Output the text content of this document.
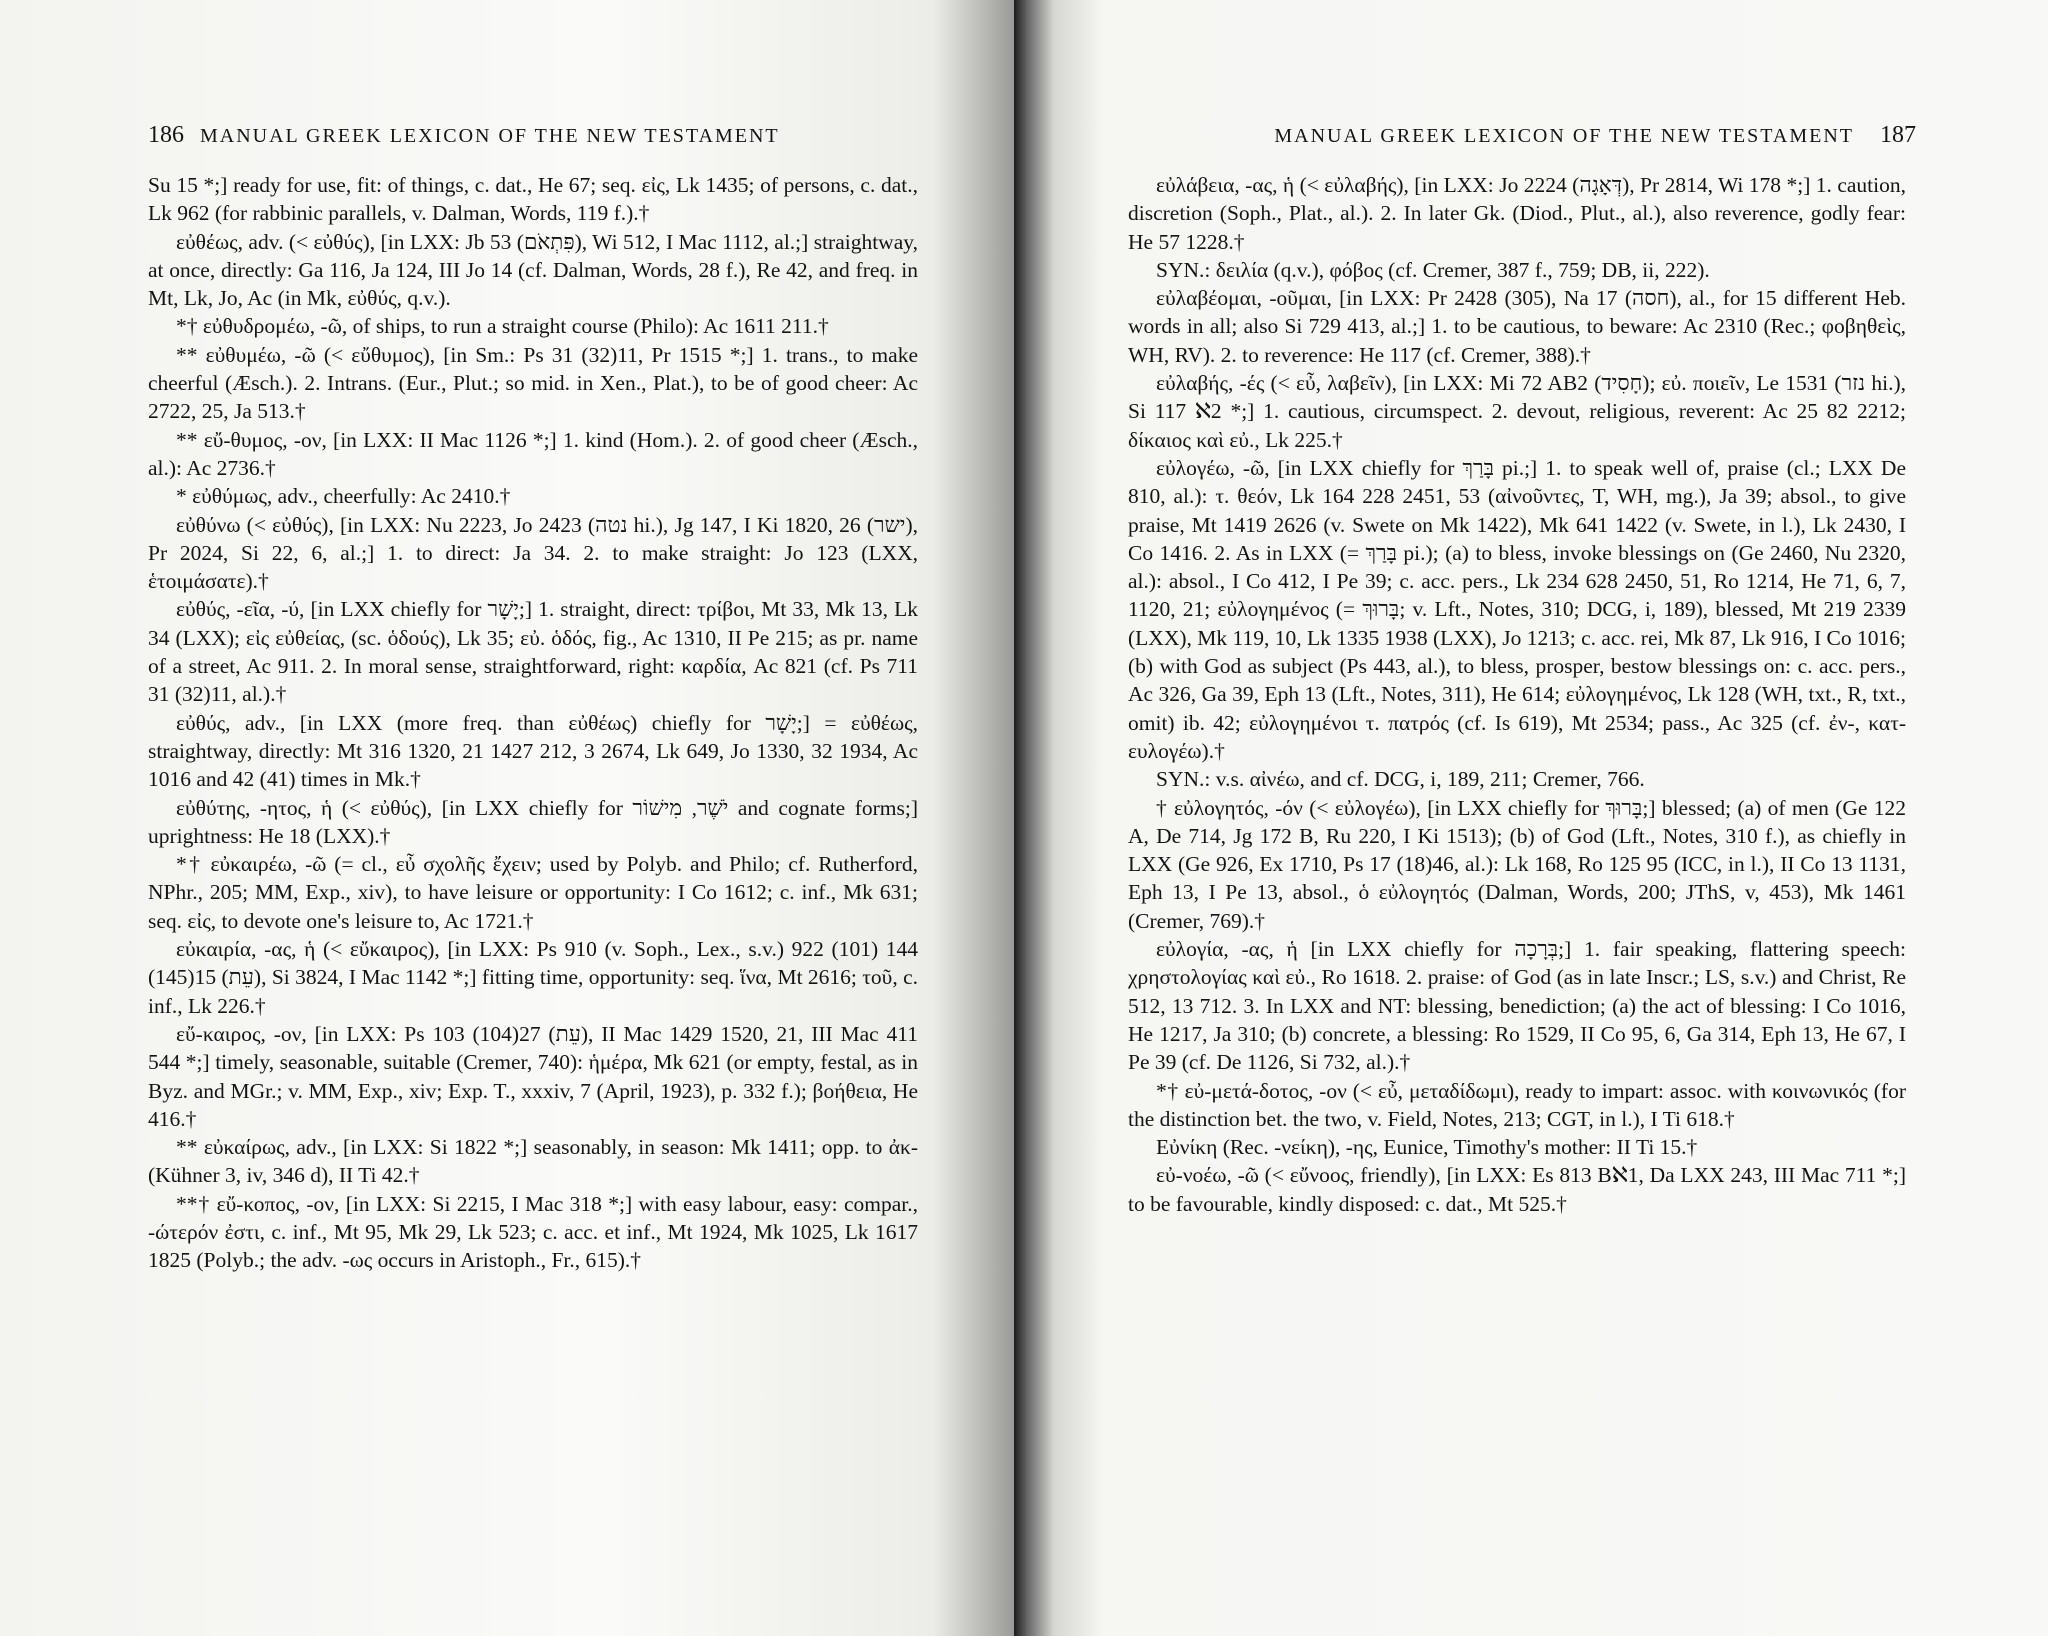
186 MANUAL GREEK LEXICON OF THE NEW TESTAMENT

Su 15 *;] ready for use, fit: of things, c. dat., He 67; seq. εἰς, Lk 1435; of persons, c. dat., Lk 962 (for rabbinic parallels, v. Dalman, Words, 119 f.).†

εὐθέως, adv. (< εὐθύς), [in LXX: Jb 53 (פִּתְאֹם), Wi 512, I Mac 1112, al.;] straightway, at once, directly: Ga 116, Ja 124, III Jo 14 (cf. Dalman, Words, 28 f.), Re 42, and freq. in Mt, Lk, Jo, Ac (in Mk, εὐθύς, q.v.).

*† εὐθυδρομέω, -ῶ, of ships, to run a straight course (Philo): Ac 1611 211.†

** εὐθυμέω, -ῶ (< εὔθυμος), [in Sm.: Ps 31 (32)11, Pr 1515 *;] 1. trans., to make cheerful (Æsch.). 2. Intrans. (Eur., Plut.; so mid. in Xen., Plat.), to be of good cheer: Ac 2722, 25, Ja 513.†

** εὔ-θυμος, -ον, [in LXX: II Mac 1126 *;] 1. kind (Hom.). 2. of good cheer (Æsch., al.): Ac 2736.†

* εὐθύμως, adv., cheerfully: Ac 2410.†

εὐθύνω (< εὐθύς), [in LXX: Nu 2223, Jo 2423 (נטה hi.), Jg 147, I Ki 1820, 26 (ישר), Pr 2024, Si 22, 6, al.;] 1. to direct: Ja 34. 2. to make straight: Jo 123 (LXX, ἑτοιμάσατε).†

εὐθύς, -εῖα, -ύ, [in LXX chiefly for יָשָׁר;] 1. straight, direct: τρίβοι, Mt 33, Mk 13, Lk 34 (LXX); εἰς εὐθείας, (sc. ὁδούς), Lk 35; εὐ. ὁδός, fig., Ac 1310, II Pe 215; as pr. name of a street, Ac 911. 2. In moral sense, straightforward, right: καρδία, Ac 821 (cf. Ps 711 31 (32)11, al.).†

εὐθύς, adv., [in LXX (more freq. than εὐθέως) chiefly for יָשָׁר;] = εὐθέως, straightway, directly: Mt 316 1320, 21 1427 212, 3 2674, Lk 649, Jo 1330, 32 1934, Ac 1016 and 42 (41) times in Mk.†

εὐθύτης, -ητος, ἡ (< εὐθύς), [in LXX chiefly for יֹשֶׁר, מִישׁוֹר and cognate forms;] uprightness: He 18 (LXX).†

*† εὐκαιρέω, -ῶ (= cl., εὖ σχολῆς ἔχειν; used by Polyb. and Philo; cf. Rutherford, NPhr., 205; MM, Exp., xiv), to have leisure or opportunity: I Co 1612; c. inf., Mk 631; seq. εἰς, to devote one's leisure to, Ac 1721.†

εὐκαιρία, -ας, ἡ (< εὔκαιρος), [in LXX: Ps 910 (v. Soph., Lex., s.v.) 922 (101) 144 (145)15 (עֵת), Si 3824, I Mac 1142 *;] fitting time, opportunity: seq. ἵνα, Mt 2616; τοῦ, c. inf., Lk 226.†

εὔ-καιρος, -ον, [in LXX: Ps 103 (104)27 (עֵת), II Mac 1429 1520, 21, III Mac 411 544 *;] timely, seasonable, suitable (Cremer, 740): ἡμέρα, Mk 621 (or empty, festal, as in Byz. and MGr.; v. MM, Exp., xiv; Exp. T., xxxiv, 7 (April, 1923), p. 332 f.); βοήθεια, He 416.†

** εὐκαίρως, adv., [in LXX: Si 1822 *;] seasonably, in season: Mk 1411; opp. to ἀκ- (Kühner 3, iv, 346 d), II Ti 42.†

**† εὔ-κοπος, -ον, [in LXX: Si 2215, I Mac 318 *;] with easy labour, easy: compar., -ώτερόν ἐστι, c. inf., Mt 95, Mk 29, Lk 523; c. acc. et inf., Mt 1924, Mk 1025, Lk 1617 1825 (Polyb.; the adv. -ως occurs in Aristoph., Fr., 615).†

MANUAL GREEK LEXICON OF THE NEW TESTAMENT 187

εὐλάβεια, -ας, ἡ (< εὐλαβής), [in LXX: Jo 2224 (דְּאָגָה), Pr 2814, Wi 178 *;] 1. caution, discretion (Soph., Plat., al.). 2. In later Gk. (Diod., Plut., al.), also reverence, godly fear: He 57 1228.†

SYN.: δειλία (q.v.), φόβος (cf. Cremer, 387 f., 759; DB, ii, 222).

εὐλαβέομαι, -οῦμαι, [in LXX: Pr 2428 (305), Na 17 (חסה), al., for 15 different Heb. words in all; also Si 729 413, al.;] 1. to be cautious, to beware: Ac 2310 (Rec.; φοβηθεὶς, WH, RV). 2. to reverence: He 117 (cf. Cremer, 388).†

εὐλαβής, -ές (< εὖ, λαβεῖν), [in LXX: Mi 72 AB2 (חָסִיד); εὐ. ποιεῖν, Le 1531 (נזר hi.), Si 117 ℵ2 *;] 1. cautious, circumspect. 2. devout, religious, reverent: Ac 25 82 2212; δίκαιος καὶ εὐ., Lk 225.†

εὐλογέω, -ῶ, [in LXX chiefly for בָּרַךְ pi.;] 1. to speak well of, praise (cl.; LXX De 810, al.): τ. θεόν, Lk 164 228 2451, 53 (αἰνοῦντες, T, WH, mg.), Ja 39; absol., to give praise, Mt 1419 2626 (v. Swete on Mk 1422), Mk 641 1422 (v. Swete, in l.), Lk 2430, I Co 1416. 2. As in LXX (= בָּרַךְ pi.); (a) to bless, invoke blessings on (Ge 2460, Nu 2320, al.): absol., I Co 412, I Pe 39; c. acc. pers., Lk 234 628 2450, 51, Ro 1214, He 71, 6, 7, 1120, 21; εὐλογημένος (= בָּרוּךְ; v. Lft., Notes, 310; DCG, i, 189), blessed, Mt 219 2339 (LXX), Mk 119, 10, Lk 1335 1938 (LXX), Jo 1213; c. acc. rei, Mk 87, Lk 916, I Co 1016; (b) with God as subject (Ps 443, al.), to bless, prosper, bestow blessings on: c. acc. pers., Ac 326, Ga 39, Eph 13 (Lft., Notes, 311), He 614; εὐλογημένος, Lk 128 (WH, txt., R, txt., omit) ib. 42; εὐλογημένοι τ. πατρός (cf. Is 619), Mt 2534; pass., Ac 325 (cf. ἐν-, κατ-ευλογέω).†

SYN.: v.s. αἰνέω, and cf. DCG, i, 189, 211; Cremer, 766.

† εὐλογητός, -όν (< εὐλογέω), [in LXX chiefly for בָּרוּךְ;] blessed; (a) of men (Ge 122 A, De 714, Jg 172 B, Ru 220, I Ki 1513); (b) of God (Lft., Notes, 310 f.), as chiefly in LXX (Ge 926, Ex 1710, Ps 17 (18)46, al.): Lk 168, Ro 125 95 (ICC, in l.), II Co 13 1131, Eph 13, I Pe 13, absol., ὁ εὐλογητός (Dalman, Words, 200; JThS, v, 453), Mk 1461 (Cremer, 769).†

εὐλογία, -ας, ἡ [in LXX chiefly for בְּרָכָה;] 1. fair speaking, flattering speech: χρηστολογίας καὶ εὐ., Ro 1618. 2. praise: of God (as in late Inscr.; LS, s.v.) and Christ, Re 512, 13 712. 3. In LXX and NT: blessing, benediction; (a) the act of blessing: I Co 1016, He 1217, Ja 310; (b) concrete, a blessing: Ro 1529, II Co 95, 6, Ga 314, Eph 13, He 67, I Pe 39 (cf. De 1126, Si 732, al.).†

*† εὐ-μετά-δοτος, -ον (< εὖ, μεταδίδωμι), ready to impart: assoc. with κοινωνικός (for the distinction bet. the two, v. Field, Notes, 213; CGT, in l.), I Ti 618.†

Εὐνίκη (Rec. -νείκη), -ης, Eunice, Timothy's mother: II Ti 15.†

εὐ-νοέω, -ῶ (< εὔνοος, friendly), [in LXX: Es 813 Bℵ1, Da LXX 243, III Mac 711 *;] to be favourable, kindly disposed: c. dat., Mt 525.†
